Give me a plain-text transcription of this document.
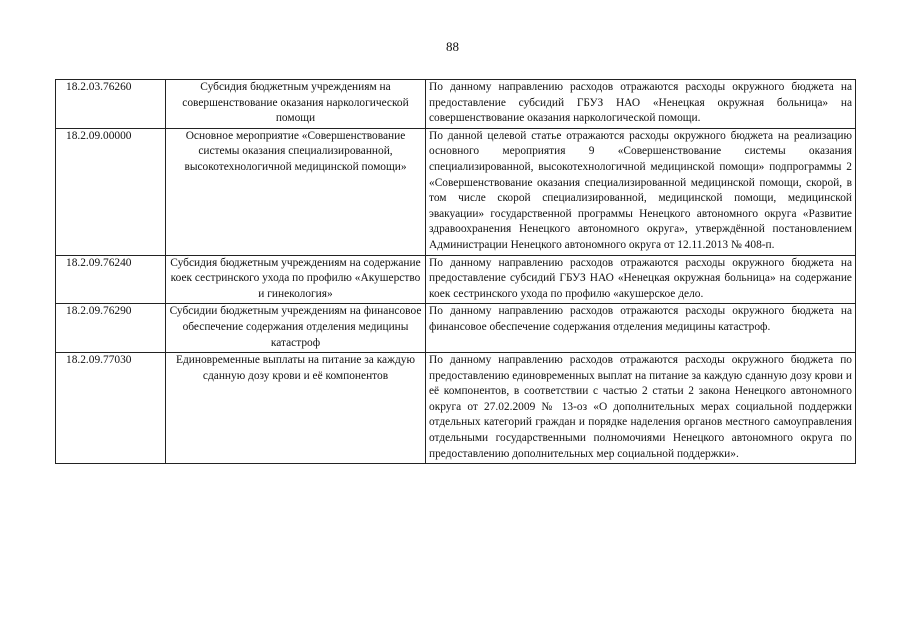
88
18.2.03.76260	Субсидия бюджетным учреждениям на совершенствование оказания наркологической помощи	По данному направлению расходов отражаются расходы окружного бюджета на предоставление субсидий ГБУЗ НАО «Ненецкая окружная больница» на совершенствование оказания наркологической помощи.
18.2.09.00000	Основное мероприятие «Совершенствование системы оказания специализированной, высокотехнологичной медицинской помощи»	По данной целевой статье отражаются расходы окружного бюджета на реализацию основного мероприятия 9 «Совершенствование системы оказания специализированной, высокотехнологичной медицинской помощи» подпрограммы 2 «Совершенствование оказания специализированной медицинской помощи, скорой, в том числе скорой специализированной, медицинской помощи, медицинской эвакуации» государственной программы Ненецкого автономного округа «Развитие здравоохранения Ненецкого автономного округа», утверждённой постановлением Администрации Ненецкого автономного округа от 12.11.2013 № 408-п.
18.2.09.76240	Субсидия бюджетным учреждениям на содержание коек сестринского ухода по профилю «Акушерство и гинекология»	По данному направлению расходов отражаются расходы окружного бюджета на предоставление субсидий ГБУЗ НАО «Ненецкая окружная больница» на содержание коек сестринского ухода по профилю «акушерское дело.
18.2.09.76290	Субсидии бюджетным учреждениям на финансовое обеспечение содержания отделения медицины катастроф	По данному направлению расходов отражаются расходы окружного бюджета на финансовое обеспечение содержания отделения медицины катастроф.
18.2.09.77030	Единовременные выплаты на питание за каждую сданную дозу крови и её компонентов	По данному направлению расходов отражаются расходы окружного бюджета по предоставлению единовременных выплат на питание за каждую сданную дозу крови и её компонентов, в соответствии с частью 2 статьи 2 закона Ненецкого автономного округа от 27.02.2009 № 13-оз «О дополнительных мерах социальной поддержки отдельных категорий граждан и порядке наделения органов местного самоуправления отдельными государственными полномочиями Ненецкого автономного округа по предоставлению дополнительных мер социальной поддержки».
